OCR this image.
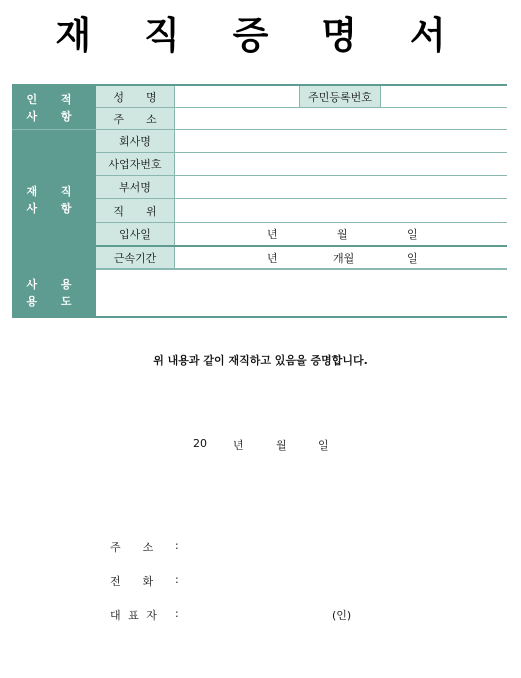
재 직 증 명 서
인 적
사 항
성　　명	주민등록번호
주　　소
재 직
사 항
회사명
사업자번호
부서명
직　　위
입사일	년	월	일
근속기간	년	개월	일
사 용
용 도
위 내용과 같이 재직하고 있음을 증명합니다.
20 년	월	일
주　　소 :
전　　화 :
대 표 자 :	(인)
